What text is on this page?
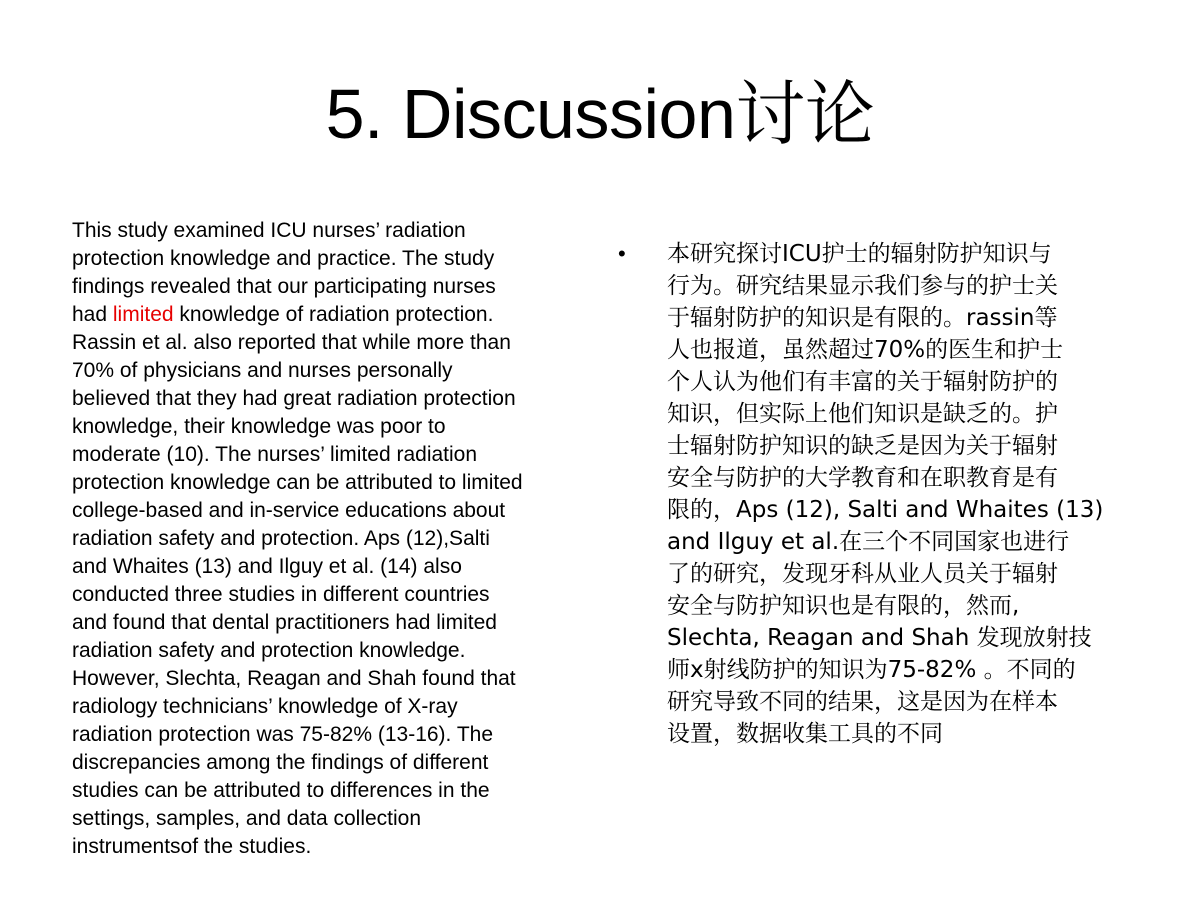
5. Discussion讨论
This study examined ICU nurses’ radiation
protection knowledge and practice. The study
findings revealed that our participating nurses
had limited knowledge of radiation protection.
Rassin et al. also reported that while more than
70% of physicians and nurses personally
believed that they had great radiation protection
knowledge, their knowledge was poor to
moderate (10). The nurses’ limited radiation
protection knowledge can be attributed to limited
college-based and in-service educations about
radiation safety and protection. Aps (12),Salti
and Whaites (13) and Ilguy et al. (14) also
conducted three studies in different countries
and found that dental practitioners had limited
radiation safety and protection knowledge.
However, Slechta, Reagan and Shah found that
radiology technicians’ knowledge of X-ray
radiation protection was 75-82% (13-16). The
discrepancies among the findings of different
studies can be attributed to differences in the
settings, samples, and data collection
instrumentsof the studies.
•	本研究探讨ICU护士的辐射防护知识与
行为。研究结果显示我们参与的护士关
于辐射防护的知识是有限的。rassin等
人也报道，虽然超过70%的医生和护士
个人认为他们有丰富的关于辐射防护的
知识，但实际上他们知识是缺乏的。护
士辐射防护知识的缺乏是因为关于辐射
安全与防护的大学教育和在职教育是有
限的，Aps (12), Salti and Whaites (13)
and Ilguy et al.在三个不同国家也进行
了的研究，发现牙科从业人员关于辐射
安全与防护知识也是有限的，然而,
Slechta, Reagan and Shah 发现放射技
师x射线防护的知识为75-82% 。不同的
研究导致不同的结果，这是因为在样本
设置，数据收集工具的不同
